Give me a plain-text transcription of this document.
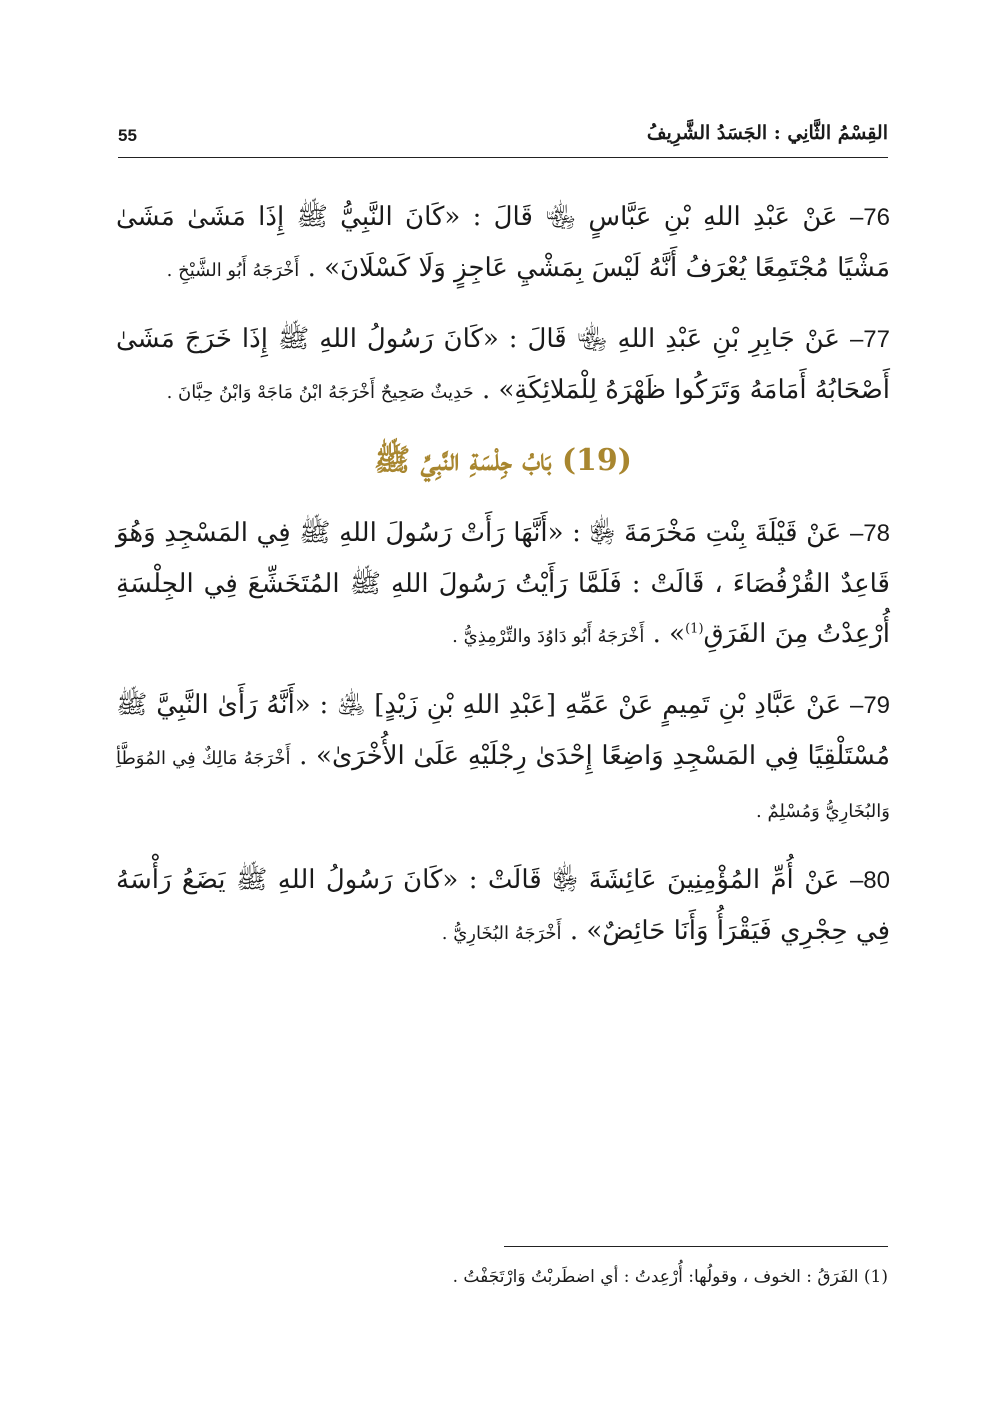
55	القِسْمُ الثَّانِي : الجَسَدُ الشَّرِيفُ

76– عَنْ عَبْدِ اللهِ بْنِ عَبَّاسٍ ﵄ قَالَ : «كَانَ النَّبِيُّ ﷺ إِذَا مَشَىٰ مَشَىٰ مَشْيًا مُجْتَمِعًا يُعْرَفُ أَنَّهُ لَيْسَ بِمَشْيِ عَاجِزٍ وَلَا كَسْلَانَ» . أَخْرَجَهُ أَبُو الشَّيْخِ .

77– عَنْ جَابِرِ بْنِ عَبْدِ اللهِ ﵄ قَالَ : «كَانَ رَسُولُ اللهِ ﷺ إِذَا خَرَجَ مَشَىٰ أَصْحَابُهُ أَمَامَهُ وَتَرَكُوا ظَهْرَهُ لِلْمَلائِكَةِ» . حَدِيثٌ صَحِيحٌ أَخْرَجَهُ ابْنُ مَاجَهْ وَابْنُ حِبَّانَ .

(19) بَابُ جِلْسَةِ النَّبِيِّ ﷺ

78– عَنْ قَيْلَةَ بِنْتِ مَخْرَمَةَ ﵂ : «أَنَّهَا رَأَتْ رَسُولَ اللهِ ﷺ فِي المَسْجِدِ وَهُوَ قَاعِدٌ القُرْفُصَاءَ ، قَالَتْ : فَلَمَّا رَأَيْتُ رَسُولَ اللهِ ﷺ المُتَخَشِّعَ فِي الجِلْسَةِ أُرْعِدْتُ مِنَ الفَرَقِ$^{(1)}$» . أَخْرَجَهُ أَبُو دَاوُدَ والتِّرْمِذِيُّ .

79– عَنْ عَبَّادِ بْنِ تَمِيمٍ عَنْ عَمِّهِ [عَبْدِ اللهِ بْنِ زَيْدٍ] ﵁ : «أَنَّهُ رَأَىٰ النَّبِيَّ ﷺ مُسْتَلْقِيًا فِي المَسْجِدِ وَاضِعًا إِحْدَىٰ رِجْلَيْهِ عَلَىٰ الأُخْرَىٰ» . أَخْرَجَهُ مَالِكٌ فِي المُوَطَّأِ وَالبُخَارِيُّ وَمُسْلِمٌ .

80– عَنْ أُمِّ المُؤْمِنِينَ عَائِشَةَ ﵂ قَالَتْ : «كَانَ رَسُولُ اللهِ ﷺ يَضَعُ رَأْسَهُ فِي حِجْرِي فَيَقْرَأُ وَأَنَا حَائِضٌ» . أَخْرَجَهُ البُخَارِيُّ .

(1) الفَرَقُ : الخوف ، وقولُها: أُرْعِدتُ : أي اضطَربْتُ وَارْتَجَفْتُ .
